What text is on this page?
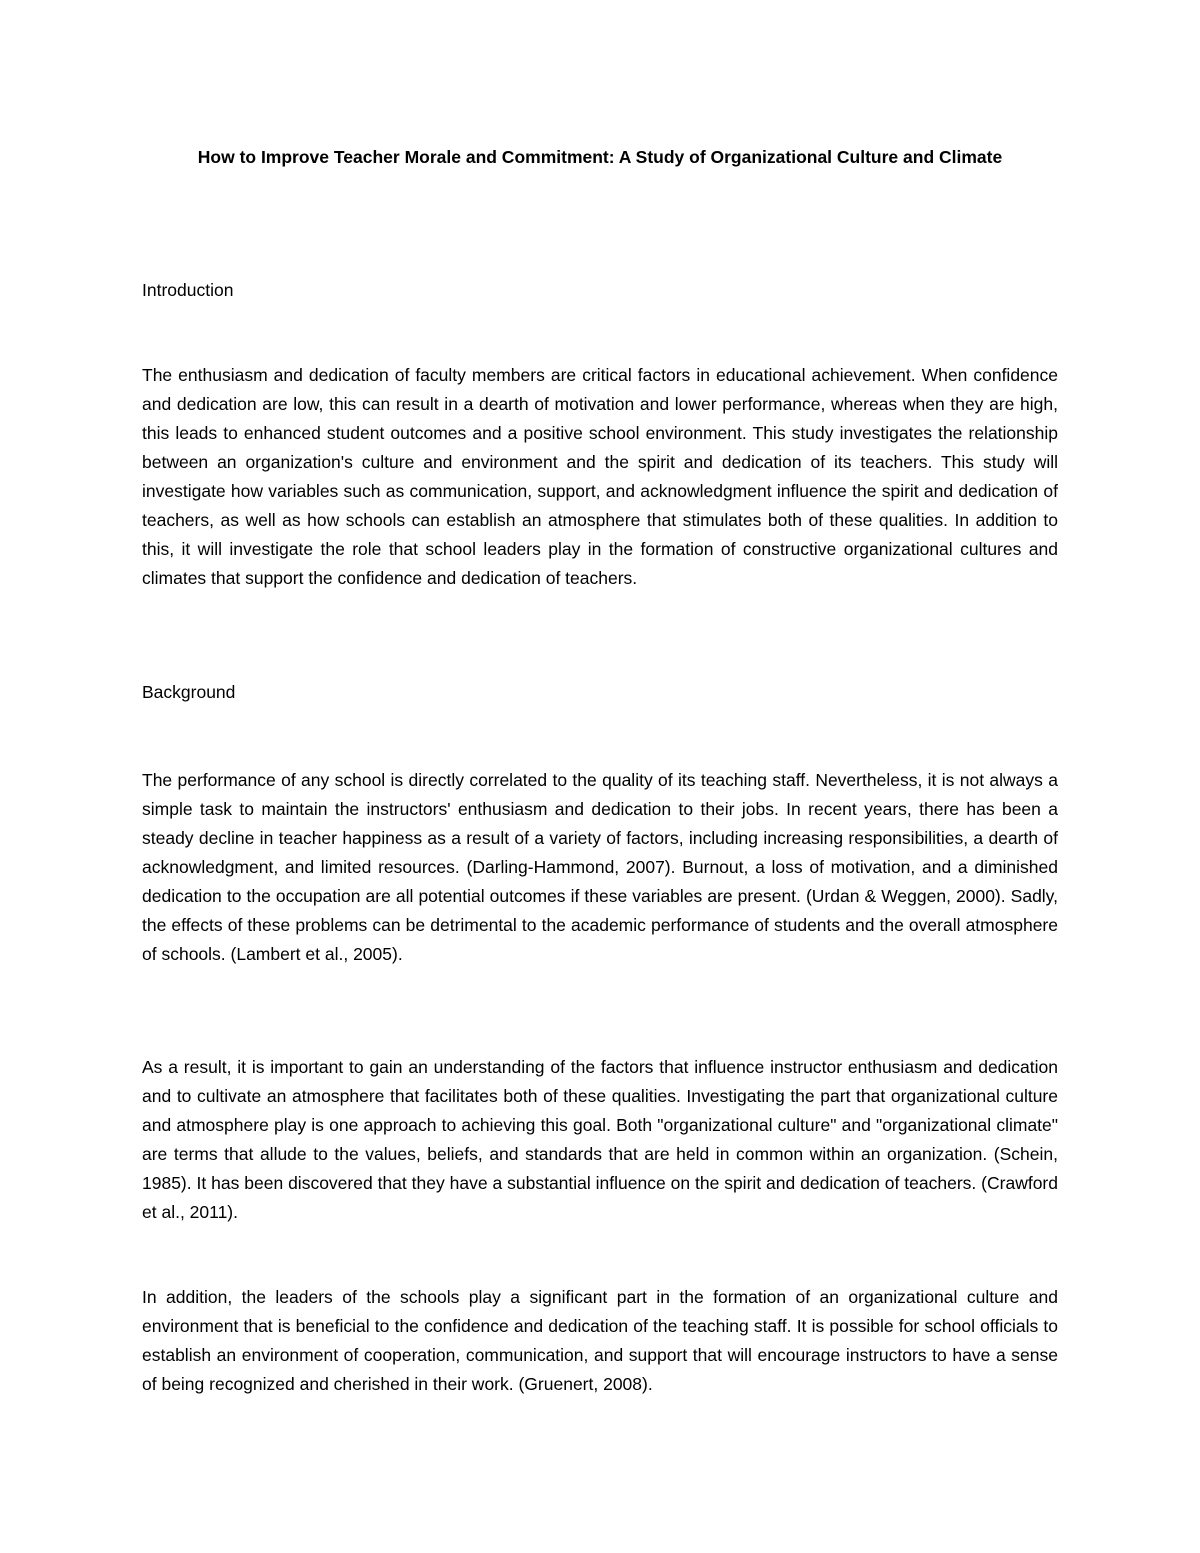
How to Improve Teacher Morale and Commitment: A Study of Organizational Culture and Climate
Introduction

The enthusiasm and dedication of faculty members are critical factors in educational achievement. When confidence and dedication are low, this can result in a dearth of motivation and lower performance, whereas when they are high, this leads to enhanced student outcomes and a positive school environment. This study investigates the relationship between an organization's culture and environment and the spirit and dedication of its teachers. This study will investigate how variables such as communication, support, and acknowledgment influence the spirit and dedication of teachers, as well as how schools can establish an atmosphere that stimulates both of these qualities. In addition to this, it will investigate the role that school leaders play in the formation of constructive organizational cultures and climates that support the confidence and dedication of teachers.

Background

The performance of any school is directly correlated to the quality of its teaching staff. Nevertheless, it is not always a simple task to maintain the instructors' enthusiasm and dedication to their jobs. In recent years, there has been a steady decline in teacher happiness as a result of a variety of factors, including increasing responsibilities, a dearth of acknowledgment, and limited resources. (Darling-Hammond, 2007). Burnout, a loss of motivation, and a diminished dedication to the occupation are all potential outcomes if these variables are present. (Urdan & Weggen, 2000). Sadly, the effects of these problems can be detrimental to the academic performance of students and the overall atmosphere of schools. (Lambert et al., 2005).

As a result, it is important to gain an understanding of the factors that influence instructor enthusiasm and dedication and to cultivate an atmosphere that facilitates both of these qualities. Investigating the part that organizational culture and atmosphere play is one approach to achieving this goal. Both "organizational culture" and "organizational climate" are terms that allude to the values, beliefs, and standards that are held in common within an organization. (Schein, 1985). It has been discovered that they have a substantial influence on the spirit and dedication of teachers. (Crawford et al., 2011).

In addition, the leaders of the schools play a significant part in the formation of an organizational culture and environment that is beneficial to the confidence and dedication of the teaching staff. It is possible for school officials to establish an environment of cooperation, communication, and support that will encourage instructors to have a sense of being recognized and cherished in their work. (Gruenert, 2008).
